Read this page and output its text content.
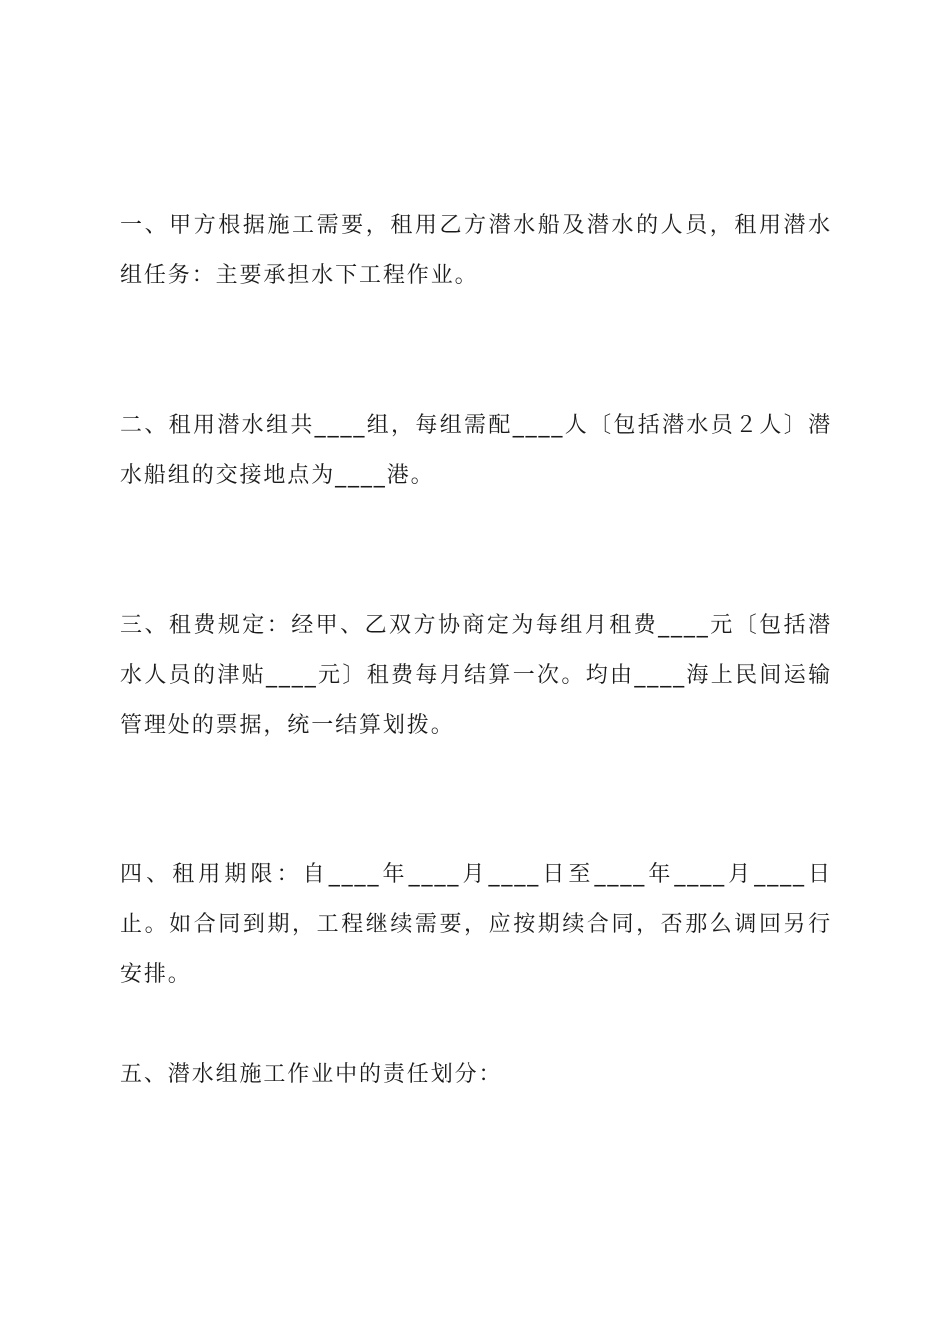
一、甲方根据施工需要，租用乙方潜水船及潜水的人员，租用潜水组任务：主要承担水下工程作业。

二、租用潜水组共____组，每组需配____人〔包括潜水员２人〕潜水船组的交接地点为____港。

三、租费规定：经甲、乙双方协商定为每组月租费____元〔包括潜水人员的津贴____元〕租费每月结算一次。均由____海上民间运输管理处的票据，统一结算划拨。

四、租用期限：自____年____月____日至____年____月____日止。如合同到期，工程继续需要，应按期续合同，否那么调回另行安排。

五、潜水组施工作业中的责任划分：
